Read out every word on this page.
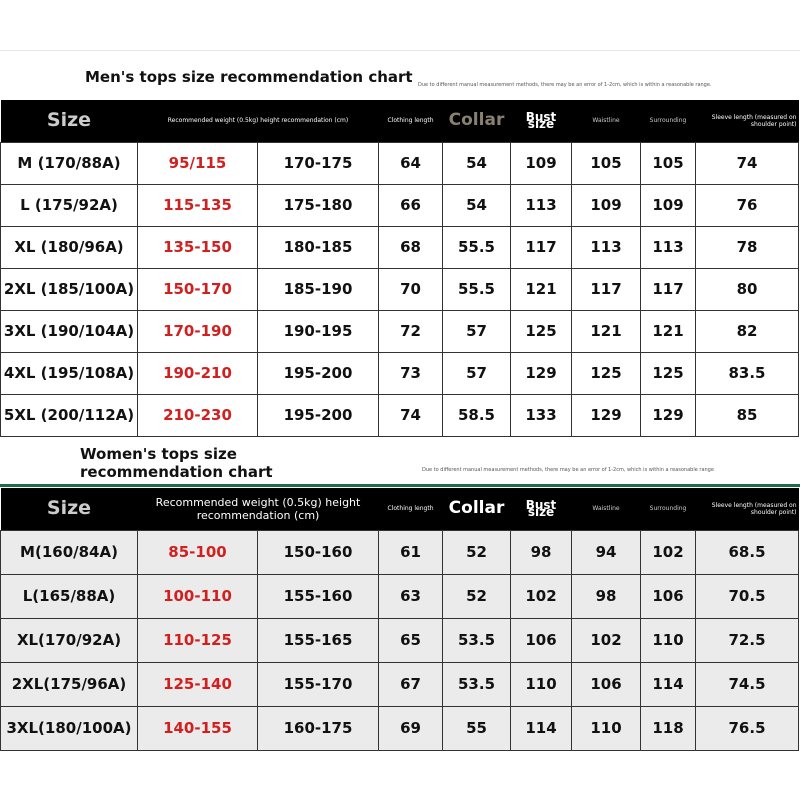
Men's tops size recommendation chart Due to different manual measurement methods, there may be an error of 1-2cm, which is within a reasonable range.
Size	Recommended weight (0.5kg) height recommendation (cm)		Clothing length	Collar	Bust size	Waistline	Surrounding	Sleeve length (measured on shoulder point)
M (170/88A)	95/115	170-175	64	54	109	105	105	74
L (175/92A)	115-135	175-180	66	54	113	109	109	76
XL (180/96A)	135-150	180-185	68	55.5	117	113	113	78
2XL (185/100A)	150-170	185-190	70	55.5	121	117	117	80
3XL (190/104A)	170-190	190-195	72	57	125	121	121	82
4XL (195/108A)	190-210	195-200	73	57	129	125	125	83.5
5XL (200/112A)	210-230	195-200	74	58.5	133	129	129	85
Women's tops size recommendation chart	Due to different manual measurement methods, there may be an error of 1-2cm, which is within a reasonable range
Size	Recommended weight (0.5kg) height recommendation (cm)		Clothing length	Collar	Bust size	Waistline	Surrounding	Sleeve length (measured on shoulder point)
M(160/84A)	85-100	150-160	61	52	98	94	102	68.5
L(165/88A)	100-110	155-160	63	52	102	98	106	70.5
XL(170/92A)	110-125	155-165	65	53.5	106	102	110	72.5
2XL(175/96A)	125-140	155-170	67	53.5	110	106	114	74.5
3XL(180/100A)	140-155	160-175	69	55	114	110	118	76.5
